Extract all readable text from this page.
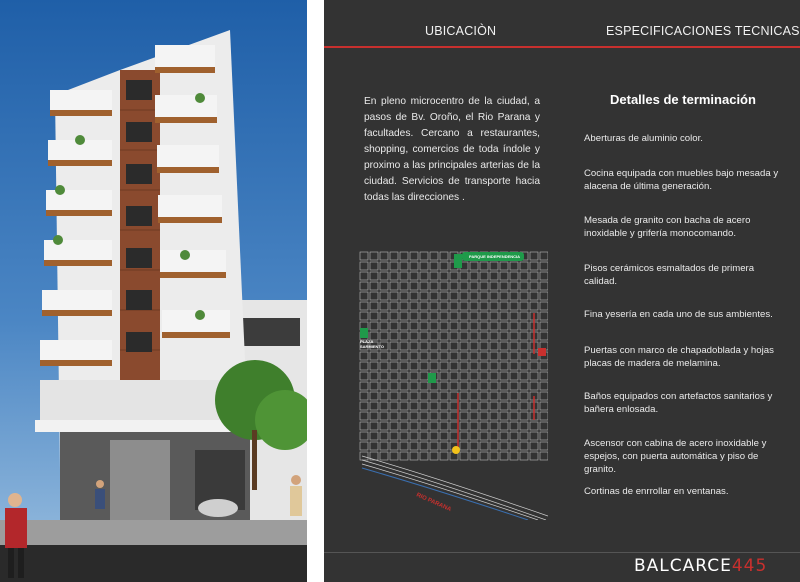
UBICACIÒN	ESPECIFICACIONES TECNICAS
En pleno microcentro de la ciudad, a pasos de Bv. Oroño, el Rio Parana y facultades. Cercano a restaurantes, shopping, comercios de toda índole y proximo a las principales arterias de la ciudad. Servicios de transporte hacia todas las direcciones .
Detalles de terminación
Aberturas de aluminio color.
Cocina equipada con muebles bajo mesada y alacena de última generación.
Mesada de granito con bacha de acero inoxidable y grifería monocomando.
Pisos cerámicos esmaltados de primera calidad.
Fina yesería en cada uno de sus ambientes.
Puertas con marco de chapadoblada y hojas placas de madera de melamina.
Baños equipados con artefactos sanitarios y bañera enlosada.
Ascensor con cabina de acero inoxidable y espejos, con puerta automática y piso de granito.
Cortinas de enrrollar en ventanas.
PARQUE INDEPENDENCIA
PLAZA
SARMIENTO
RIO PARANA
BALCARCE445
